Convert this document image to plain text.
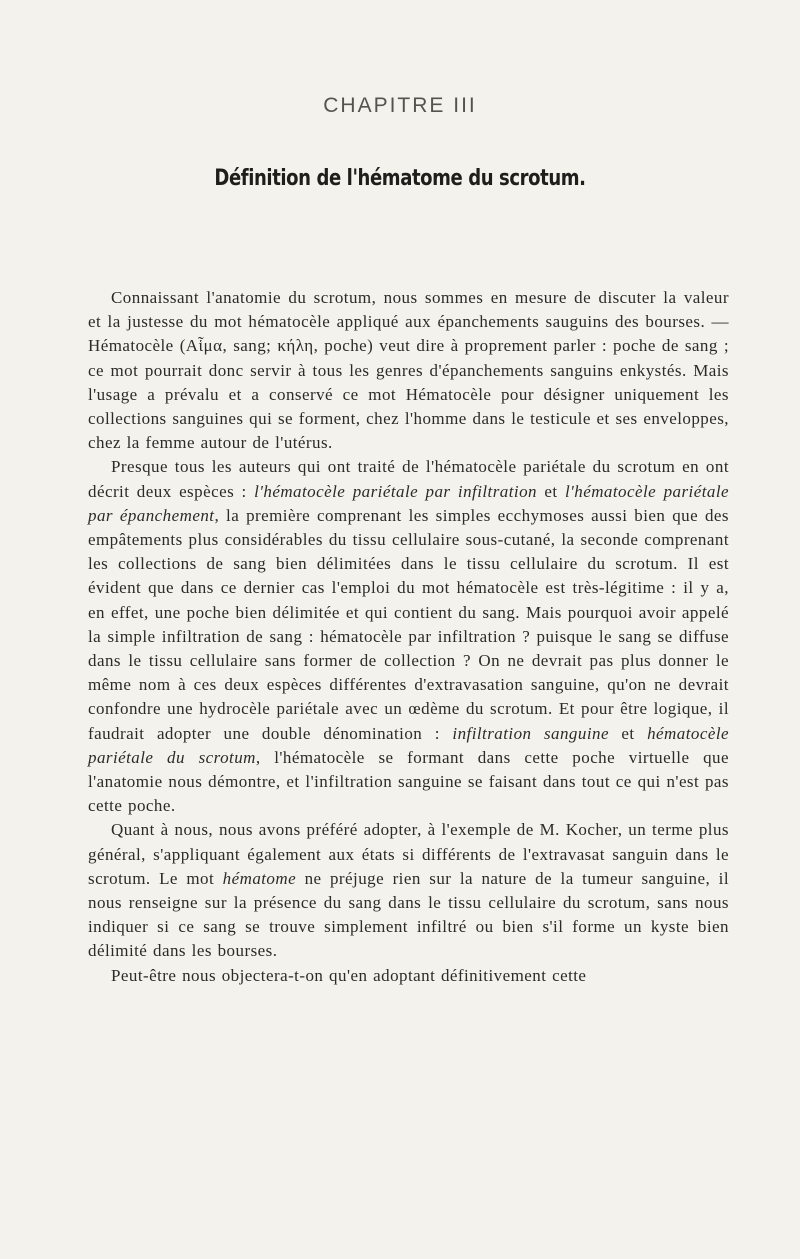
CHAPITRE III
Définition de l'hématome du scrotum.

Connaissant l'anatomie du scrotum, nous sommes en mesure de discuter la valeur et la justesse du mot hématocèle appliqué aux épanchements sauguins des bourses. — Hématocèle (Αἷμα, sang; κήλη, poche) veut dire à proprement parler : poche de sang ; ce mot pourrait donc servir à tous les genres d'épanchements sanguins enkystés. Mais l'usage a prévalu et a conservé ce mot Hématocèle pour désigner uniquement les collections sanguines qui se forment, chez l'homme dans le testicule et ses enveloppes, chez la femme autour de l'utérus.

Presque tous les auteurs qui ont traité de l'hématocèle pariétale du scrotum en ont décrit deux espèces : l'hématocèle pariétale par infiltration et l'hématocèle pariétale par épanchement, la première comprenant les simples ecchymoses aussi bien que des empâtements plus considérables du tissu cellulaire sous-cutané, la seconde comprenant les collections de sang bien délimitées dans le tissu cellulaire du scrotum. Il est évident que dans ce dernier cas l'emploi du mot hématocèle est très-légitime : il y a, en effet, une poche bien délimitée et qui contient du sang. Mais pourquoi avoir appelé la simple infiltration de sang : hématocèle par infiltration ? puisque le sang se diffuse dans le tissu cellulaire sans former de collection ? On ne devrait pas plus donner le même nom à ces deux espèces différentes d'extravasation sanguine, qu'on ne devrait confondre une hydrocèle pariétale avec un œdème du scrotum. Et pour être logique, il faudrait adopter une double dénomination : infiltration sanguine et hématocèle pariétale du scrotum, l'hématocèle se formant dans cette poche virtuelle que l'anatomie nous démontre, et l'infiltration sanguine se faisant dans tout ce qui n'est pas cette poche.

Quant à nous, nous avons préféré adopter, à l'exemple de M. Kocher, un terme plus général, s'appliquant également aux états si différents de l'extravasat sanguin dans le scrotum. Le mot hématome ne préjuge rien sur la nature de la tumeur sanguine, il nous renseigne sur la présence du sang dans le tissu cellulaire du scrotum, sans nous indiquer si ce sang se trouve simplement infiltré ou bien s'il forme un kyste bien délimité dans les bourses.

Peut-être nous objectera-t-on qu'en adoptant définitivement cette
